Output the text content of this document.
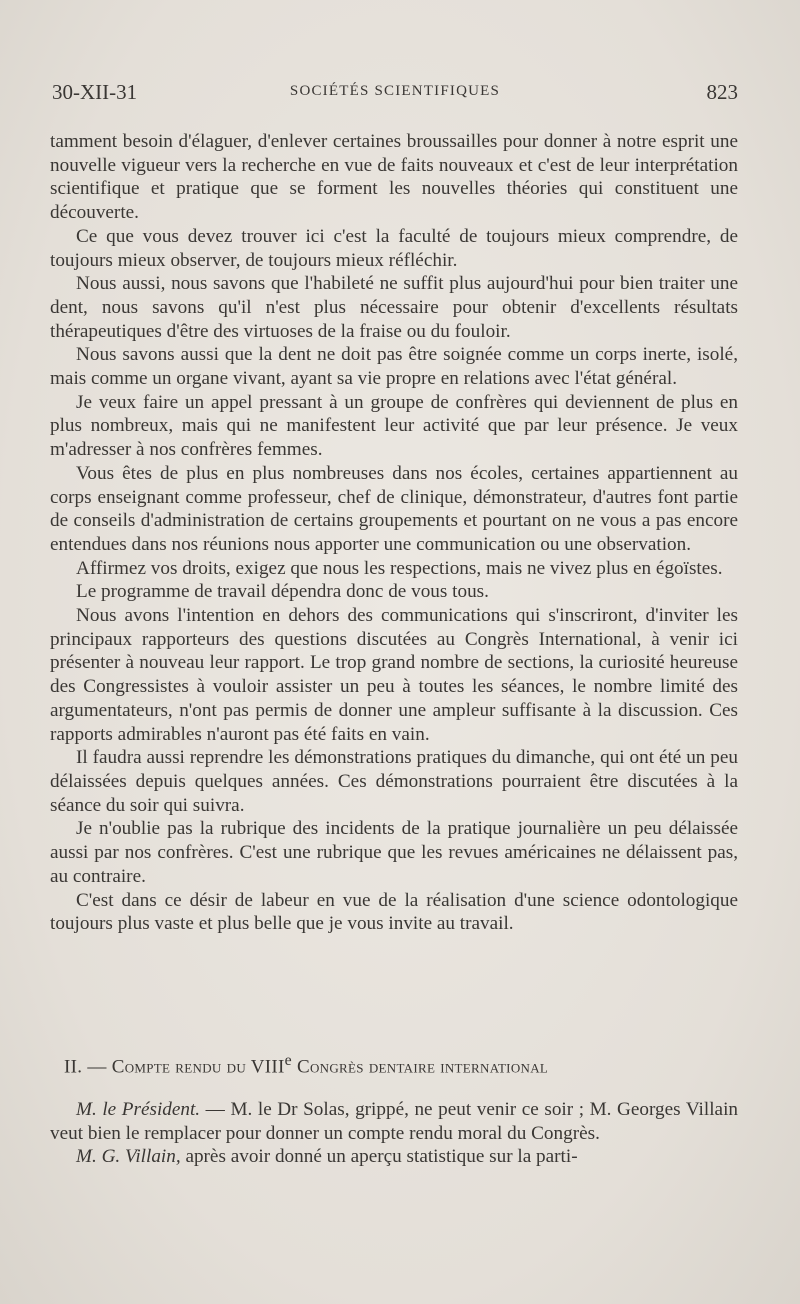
30-XII-31	SOCIÉTÉS SCIENTIFIQUES	823

tamment besoin d'élaguer, d'enlever certaines broussailles pour donner à notre esprit une nouvelle vigueur vers la recherche en vue de faits nouveaux et c'est de leur interprétation scientifique et pratique que se forment les nouvelles théories qui constituent une découverte.

Ce que vous devez trouver ici c'est la faculté de toujours mieux comprendre, de toujours mieux observer, de toujours mieux réfléchir.

Nous aussi, nous savons que l'habileté ne suffit plus aujourd'hui pour bien traiter une dent, nous savons qu'il n'est plus nécessaire pour obtenir d'excellents résultats thérapeutiques d'être des virtuoses de la fraise ou du fouloir.

Nous savons aussi que la dent ne doit pas être soignée comme un corps inerte, isolé, mais comme un organe vivant, ayant sa vie propre en relations avec l'état général.

Je veux faire un appel pressant à un groupe de confrères qui deviennent de plus en plus nombreux, mais qui ne manifestent leur activité que par leur présence. Je veux m'adresser à nos confrères femmes.

Vous êtes de plus en plus nombreuses dans nos écoles, certaines appartiennent au corps enseignant comme professeur, chef de clinique, démonstrateur, d'autres font partie de conseils d'administration de certains groupements et pourtant on ne vous a pas encore entendues dans nos réunions nous apporter une communication ou une observation.

Affirmez vos droits, exigez que nous les respections, mais ne vivez plus en égoïstes.

Le programme de travail dépendra donc de vous tous.

Nous avons l'intention en dehors des communications qui s'inscriront, d'inviter les principaux rapporteurs des questions discutées au Congrès International, à venir ici présenter à nouveau leur rapport. Le trop grand nombre de sections, la curiosité heureuse des Congressistes à vouloir assister un peu à toutes les séances, le nombre limité des argumentateurs, n'ont pas permis de donner une ampleur suffisante à la discussion. Ces rapports admirables n'auront pas été faits en vain.

Il faudra aussi reprendre les démonstrations pratiques du dimanche, qui ont été un peu délaissées depuis quelques années. Ces démonstrations pourraient être discutées à la séance du soir qui suivra.

Je n'oublie pas la rubrique des incidents de la pratique journalière un peu délaissée aussi par nos confrères. C'est une rubrique que les revues américaines ne délaissent pas, au contraire.

C'est dans ce désir de labeur en vue de la réalisation d'une science odontologique toujours plus vaste et plus belle que je vous invite au travail.

II. — Compte rendu du VIIIe Congrès dentaire international

M. le Président. — M. le Dr Solas, grippé, ne peut venir ce soir ; M. Georges Villain veut bien le remplacer pour donner un compte rendu moral du Congrès.

M. G. Villain, après avoir donné un aperçu statistique sur la parti-
